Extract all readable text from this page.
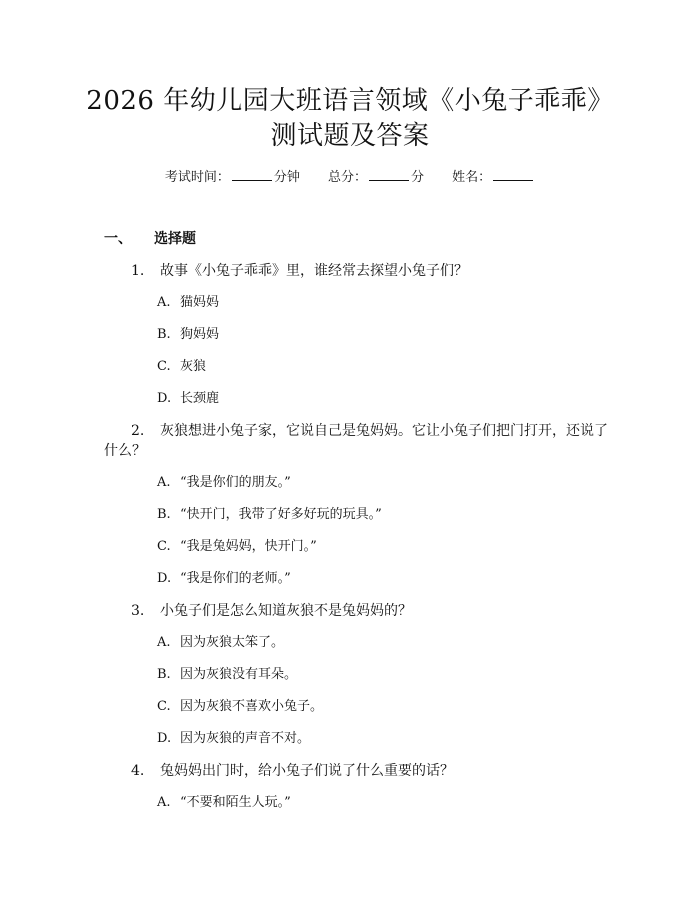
2026 年幼儿园大班语言领域《小兔子乖乖》
测试题及答案
考试时间：	分钟 总分：	分 姓名：
一、 选择题
1. 故事《小兔子乖乖》里，谁经常去探望小兔子们？
A. 猫妈妈
B. 狗妈妈
C. 灰狼
D. 长颈鹿
2. 灰狼想进小兔子家，它说自己是兔妈妈。它让小兔子们把门打开，还说了
什么？
A. “我是你们的朋友。”
B. “快开门，我带了好多好玩的玩具。”
C. “我是兔妈妈，快开门。”
D. “我是你们的老师。”
3. 小兔子们是怎么知道灰狼不是兔妈妈的？
A. 因为灰狼太笨了。
B. 因为灰狼没有耳朵。
C. 因为灰狼不喜欢小兔子。
D. 因为灰狼的声音不对。
4. 兔妈妈出门时，给小兔子们说了什么重要的话？
A. “不要和陌生人玩。”
